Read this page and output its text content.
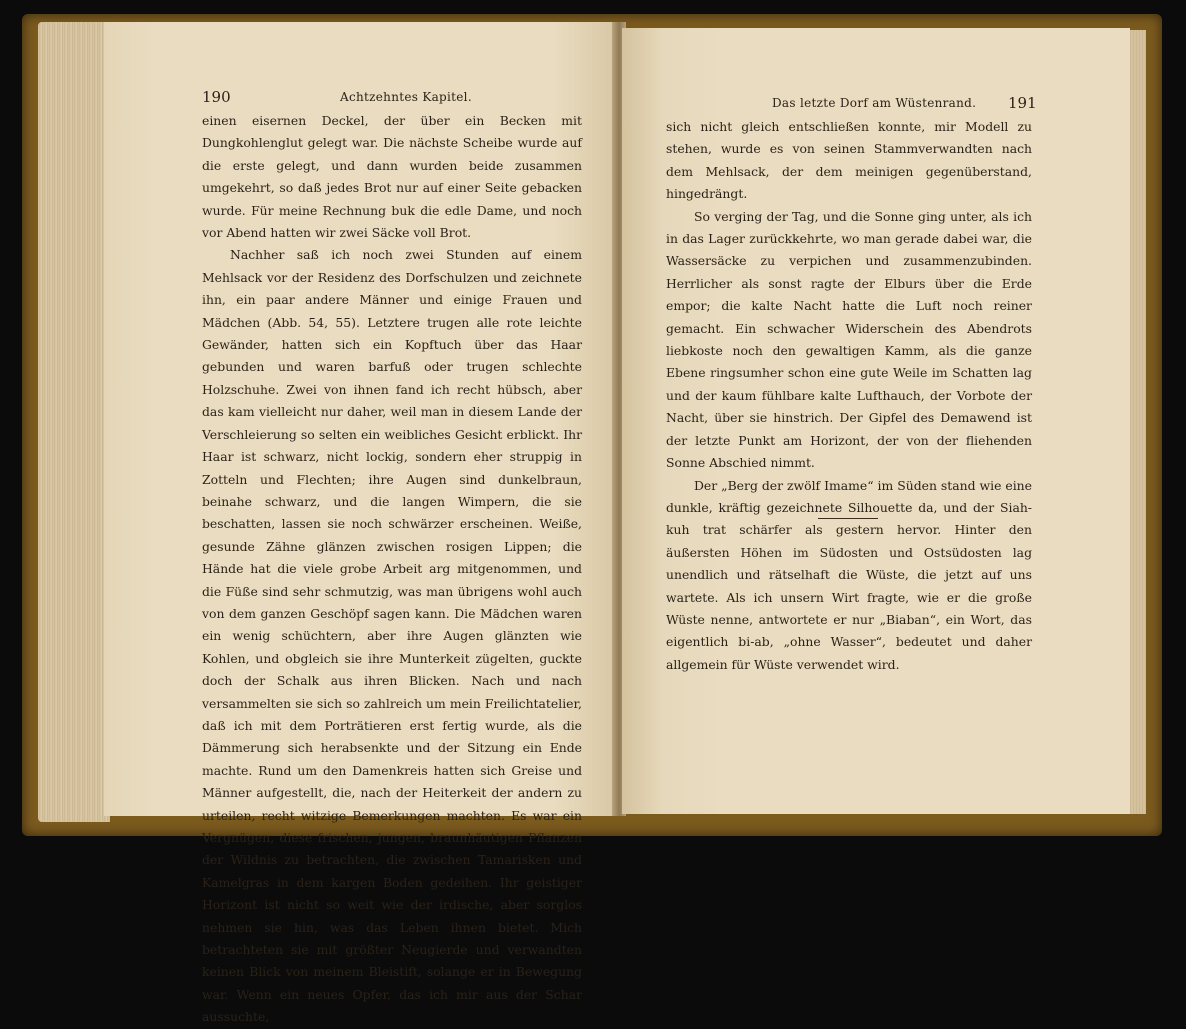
190	Achtzehntes Kapitel.

einen eisernen Deckel, der über ein Becken mit Dungkohlenglut gelegt war. Die nächste Scheibe wurde auf die erste gelegt, und dann wurden beide zusammen umgekehrt, so daß jedes Brot nur auf einer Seite gebacken wurde. Für meine Rechnung buk die edle Dame, und noch vor Abend hatten wir zwei Säcke voll Brot.

Nachher saß ich noch zwei Stunden auf einem Mehlsack vor der Residenz des Dorfschulzen und zeichnete ihn, ein paar andere Männer und einige Frauen und Mädchen (Abb. 54, 55). Letztere trugen alle rote leichte Gewänder, hatten sich ein Kopftuch über das Haar gebunden und waren barfuß oder trugen schlechte Holzschuhe. Zwei von ihnen fand ich recht hübsch, aber das kam vielleicht nur daher, weil man in diesem Lande der Verschleierung so selten ein weibliches Gesicht erblickt. Ihr Haar ist schwarz, nicht lockig, sondern eher struppig in Zotteln und Flechten; ihre Augen sind dunkelbraun, beinahe schwarz, und die langen Wimpern, die sie beschatten, lassen sie noch schwärzer erscheinen. Weiße, gesunde Zähne glänzen zwischen rosigen Lippen; die Hände hat die viele grobe Arbeit arg mitgenommen, und die Füße sind sehr schmutzig, was man übrigens wohl auch von dem ganzen Geschöpf sagen kann. Die Mädchen waren ein wenig schüchtern, aber ihre Augen glänzten wie Kohlen, und obgleich sie ihre Munterkeit zügelten, guckte doch der Schalk aus ihren Blicken. Nach und nach versammelten sie sich so zahlreich um mein Freilichtatelier, daß ich mit dem Porträtieren erst fertig wurde, als die Dämmerung sich herabsenkte und der Sitzung ein Ende machte. Rund um den Damenkreis hatten sich Greise und Männer aufgestellt, die, nach der Heiterkeit der andern zu urteilen, recht witzige Bemerkungen machten. Es war ein Vergnügen, diese frischen, jungen, braunhäutigen Pflanzen der Wildnis zu betrachten, die zwischen Tamarisken und Kamelgras in dem kargen Boden gedeihen. Ihr geistiger Horizont ist nicht so weit wie der irdische, aber sorglos nehmen sie hin, was das Leben ihnen bietet. Mich betrachteten sie mit größter Neugierde und verwandten keinen Blick von meinem Bleistift, solange er in Bewegung war. Wenn ein neues Opfer, das ich mir aus der Schar aussuchte,

Das letzte Dorf am Wüstenrand. 191

sich nicht gleich entschließen konnte, mir Modell zu stehen, wurde es von seinen Stammverwandten nach dem Mehlsack, der dem meinigen gegenüberstand, hingedrängt.

So verging der Tag, und die Sonne ging unter, als ich in das Lager zurückkehrte, wo man gerade dabei war, die Wassersäcke zu verpichen und zusammenzubinden. Herrlicher als sonst ragte der Elburs über die Erde empor; die kalte Nacht hatte die Luft noch reiner gemacht. Ein schwacher Widerschein des Abendrots liebkoste noch den gewaltigen Kamm, als die ganze Ebene ringsumher schon eine gute Weile im Schatten lag und der kaum fühlbare kalte Lufthauch, der Vorbote der Nacht, über sie hinstrich. Der Gipfel des Demawend ist der letzte Punkt am Horizont, der von der fliehenden Sonne Abschied nimmt.

Der „Berg der zwölf Imame“ im Süden stand wie eine dunkle, kräftig gezeichnete Silhouette da, und der Siah-kuh trat schärfer als gestern hervor. Hinter den äußersten Höhen im Südosten und Ostsüdosten lag unendlich und rätselhaft die Wüste, die jetzt auf uns wartete. Als ich unsern Wirt fragte, wie er die große Wüste nenne, antwortete er nur „Biaban“, ein Wort, das eigentlich bi-ab, „ohne Wasser“, bedeutet und daher allgemein für Wüste verwendet wird.
